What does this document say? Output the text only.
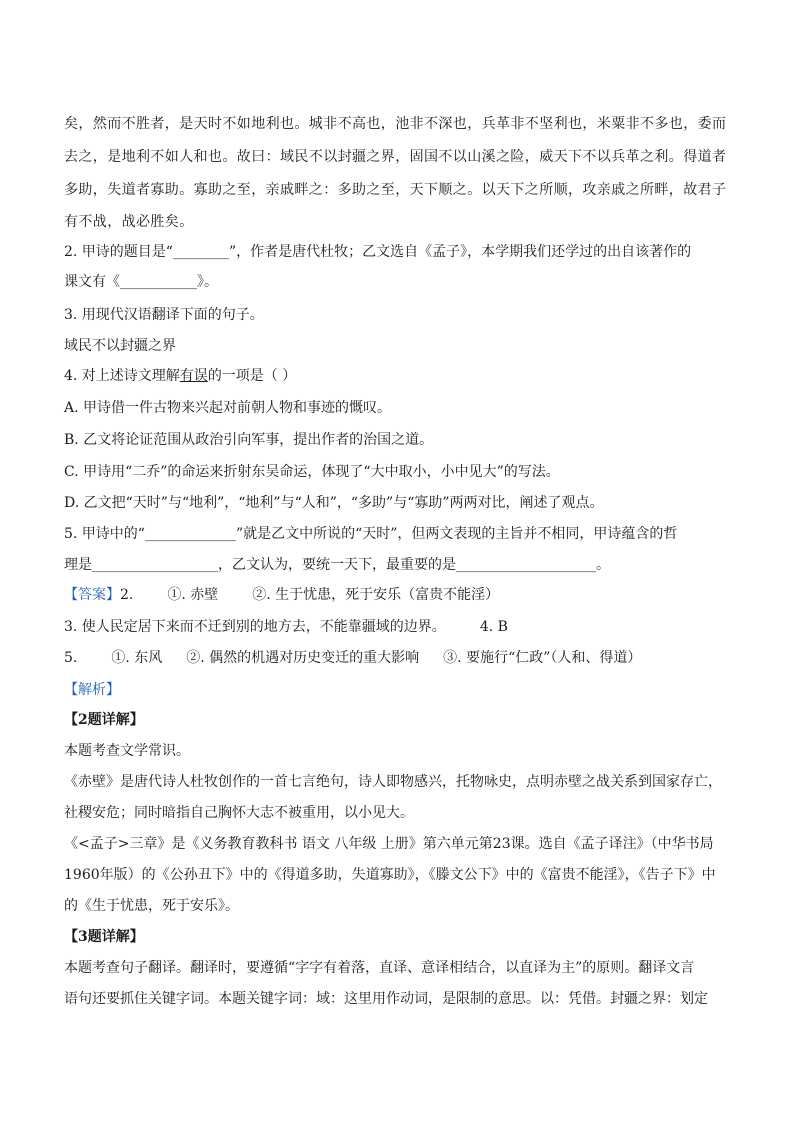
矣，然而不胜者，是天时不如地利也。城非不高也，池非不深也，兵革非不坚利也，米粟非不多也，委而
去之，是地利不如人和也。故曰：域民不以封疆之界，固国不以山溪之险，威天下不以兵革之利。得道者
多助，失道者寡助。寡助之至，亲戚畔之：多助之至，天下顺之。以天下之所顺，攻亲戚之所畔，故君子
有不战，战必胜矣。
2. 甲诗的题目是“________”，作者是唐代杜牧；乙文选自《孟子》，本学期我们还学过的出自该著作的
课文有《___________》。
3. 用现代汉语翻译下面的句子。
域民不以封疆之界
4. 对上述诗文理解有误的一项是（ ）
A. 甲诗借一件古物来兴起对前朝人物和事迹的慨叹。
B. 乙文将论证范围从政治引向军事，提出作者的治国之道。
C. 甲诗用“二乔”的命运来折射东吴命运，体现了“大中取小，小中见大”的写法。
D. 乙文把“天时”与“地利”，“地利”与“人和”，“多助”与“寡助”两两对比，阐述了观点。
5. 甲诗中的“_____________”就是乙文中所说的“天时”，但两文表现的主旨并不相同，甲诗蕴含的哲
理是__________________，乙文认为，要统一天下，最重要的是____________________。
【答案】2. ①. 赤壁 ②. 生于忧患，死于安乐（富贵不能淫）
3. 使人民定居下来而不迁到别的地方去，不能靠疆域的边界。 4. B
5. ①. 东风 ②. 偶然的机遇对历史变迁的重大影响 ③. 要施行“仁政”（人和、得道）
【解析】
【2题详解】
本题考查文学常识。
《赤壁》是唐代诗人杜牧创作的一首七言绝句，诗人即物感兴，托物咏史，点明赤壁之战关系到国家存亡，
社稷安危；同时暗指自己胸怀大志不被重用，以小见大。
《<孟子>三章》是《义务教育教科书 语文 八年级 上册》第六单元第23课。选自《孟子译注》（中华书局
1960年版）的《公孙丑下》中的《得道多助，失道寡助》，《滕文公下》中的《富贵不能淫》，《告子下》中
的《生于忧患，死于安乐》。
【3题详解】
本题考查句子翻译。翻译时，要遵循“字字有着落，直译、意译相结合，以直译为主”的原则。翻译文言
语句还要抓住关键字词。本题关键字词：域：这里用作动词，是限制的意思。以：凭借。封疆之界：划定
